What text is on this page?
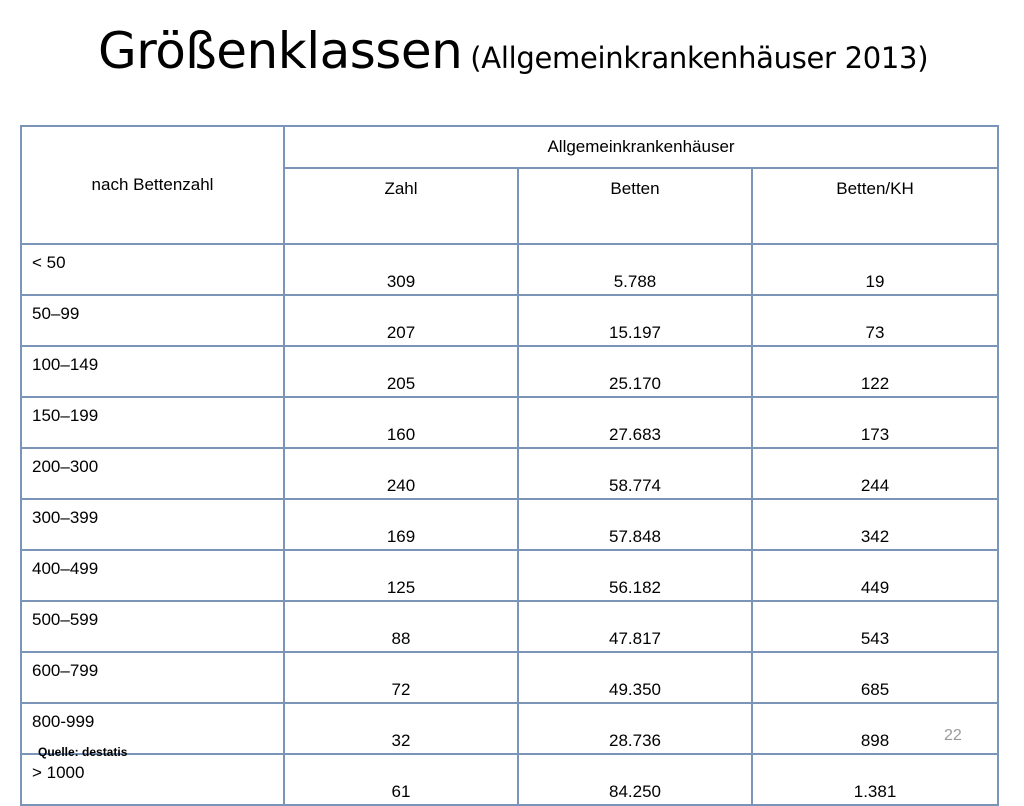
Größenklassen (Allgemeinkrankenhäuser 2013)
nach Bettenzahl	Allgemeinkrankenhäuser		
	Zahl	Betten	Betten/KH
< 50	309	5.788	19
50–99	207	15.197	73
100–149	205	25.170	122
150–199	160	27.683	173
200–300	240	58.774	244
300–399	169	57.848	342
400–499	125	56.182	449
500–599	88	47.817	543
600–799	72	49.350	685
800-999	32	28.736	898
> 1000	61	84.250	1.381
22
Quelle: destatis
